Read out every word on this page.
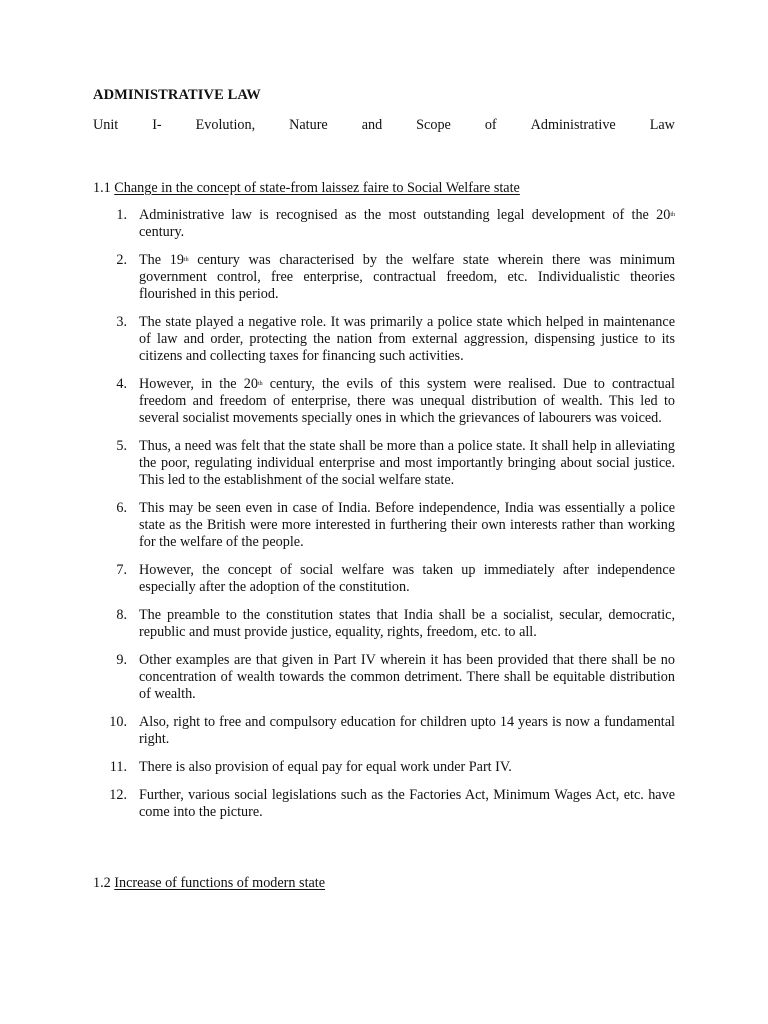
ADMINISTRATIVE LAW
Unit I- Evolution, Nature and Scope of Administrative Law
1.1 Change in the concept of state-from laissez faire to Social Welfare state
1. Administrative law is recognised as the most outstanding legal development of the 20th century.
2. The 19th century was characterised by the welfare state wherein there was minimum government control, free enterprise, contractual freedom, etc. Individualistic theories flourished in this period.
3. The state played a negative role. It was primarily a police state which helped in maintenance of law and order, protecting the nation from external aggression, dispensing justice to its citizens and collecting taxes for financing such activities.
4. However, in the 20th century, the evils of this system were realised. Due to contractual freedom and freedom of enterprise, there was unequal distribution of wealth. This led to several socialist movements specially ones in which the grievances of labourers was voiced.
5. Thus, a need was felt that the state shall be more than a police state. It shall help in alleviating the poor, regulating individual enterprise and most importantly bringing about social justice. This led to the establishment of the social welfare state.
6. This may be seen even in case of India. Before independence, India was essentially a police state as the British were more interested in furthering their own interests rather than working for the welfare of the people.
7. However, the concept of social welfare was taken up immediately after independence especially after the adoption of the constitution.
8. The preamble to the constitution states that India shall be a socialist, secular, democratic, republic and must provide justice, equality, rights, freedom, etc. to all.
9. Other examples are that given in Part IV wherein it has been provided that there shall be no concentration of wealth towards the common detriment. There shall be equitable distribution of wealth.
10. Also, right to free and compulsory education for children upto 14 years is now a fundamental right.
11. There is also provision of equal pay for equal work under Part IV.
12. Further, various social legislations such as the Factories Act, Minimum Wages Act, etc. have come into the picture.
1.2 Increase of functions of modern state
